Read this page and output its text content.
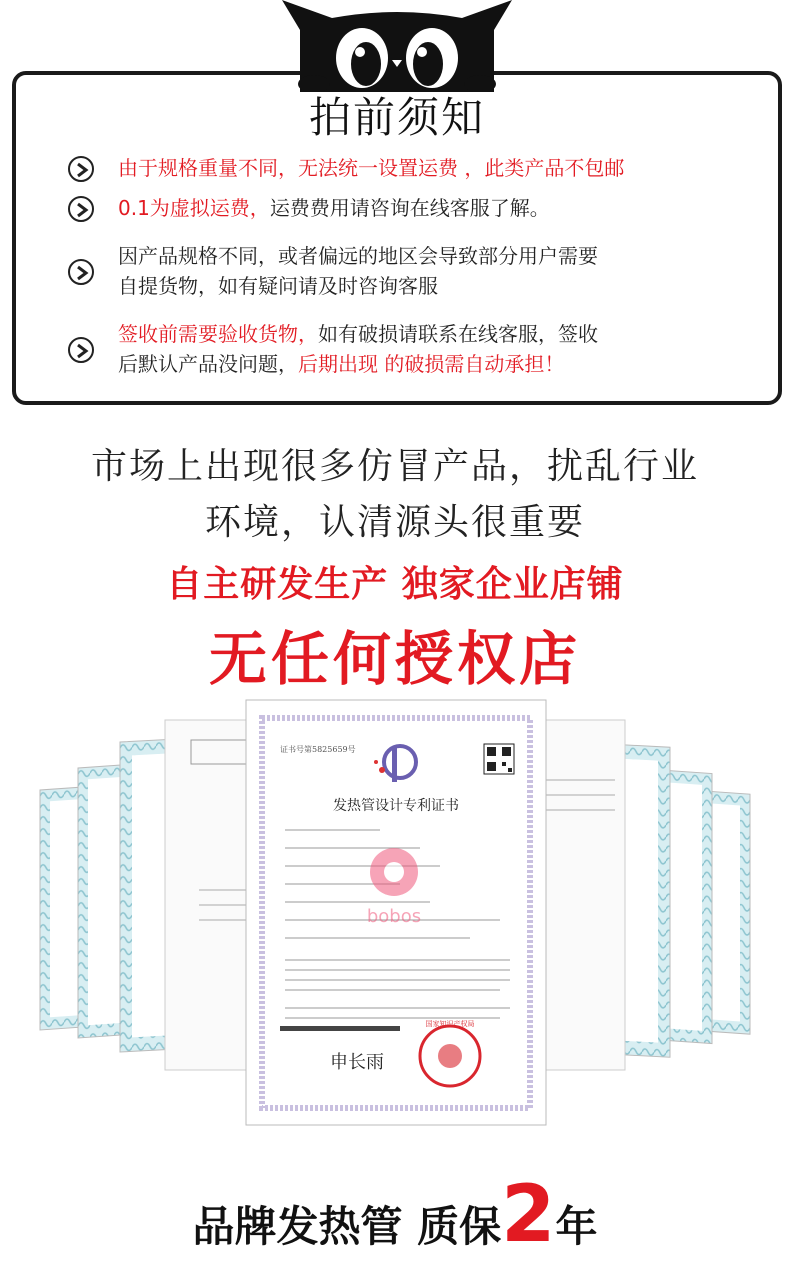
拍前须知
由于规格重量不同，无法统一设置运费 ，此类产品不包邮
0.1为虚拟运费，运费费用请咨询在线客服了解。
因产品规格不同，或者偏远的地区会导致部分用户需要
自提货物，如有疑问请及时咨询客服
签收前需要验收货物，如有破损请联系在线客服，签收
后默认产品没问题，后期出现 的破损需自动承担！
市场上出现很多仿冒产品，扰乱行业
环境，认清源头很重要
自主研发生产 独家企业店铺
无任何授权店
证书号第5825659号
发热管设计专利证书
申长雨
国家知识产权局
bobos
品牌发热管 质保2年
